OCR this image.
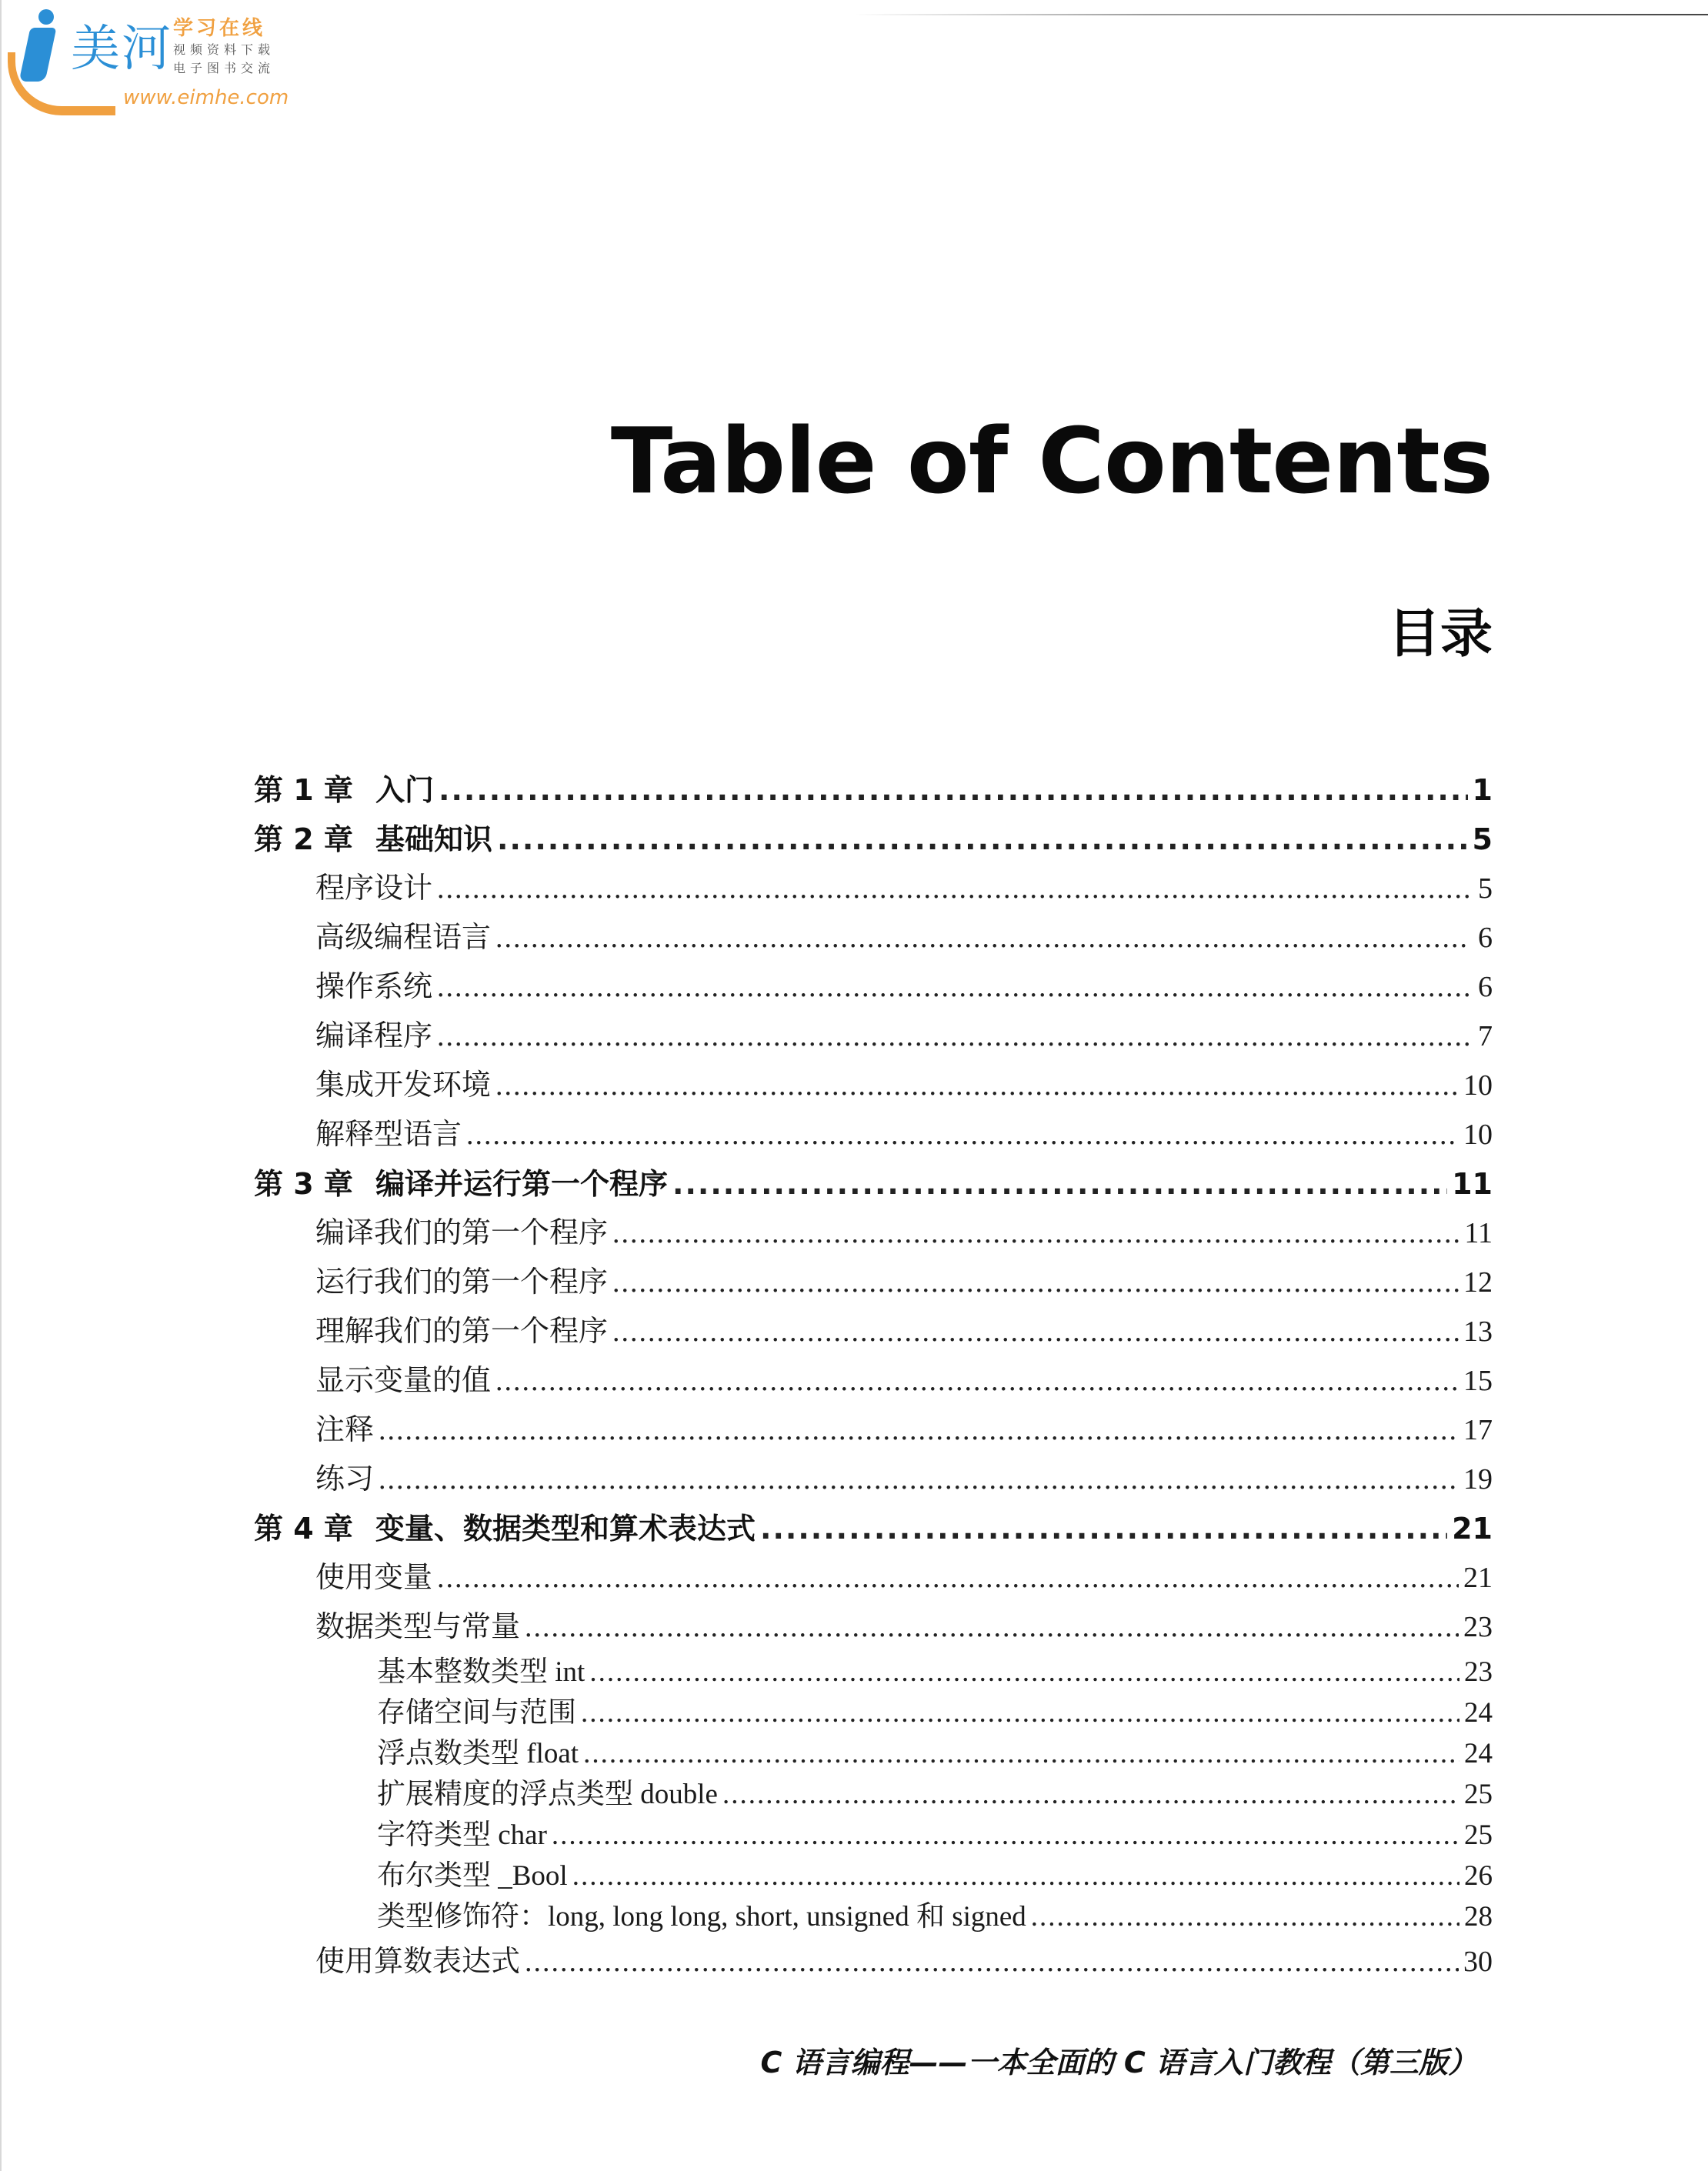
美河 学习在线
视频资料下载
电子图书交流
www.eimhe.com
Table of Contents
目录
第 1 章 入门 .....	1
第 2 章 基础知识 .....	5
程序设计 .....	5
高级编程语言 .....	6
操作系统 .....	6
编译程序 .....	7
集成开发环境 .....	10
解释型语言 .....	10
第 3 章 编译并运行第一个程序 .....	11
编译我们的第一个程序 .....	11
运行我们的第一个程序 .....	12
理解我们的第一个程序 .....	13
显示变量的值 .....	15
注释 .....	17
练习 .....	19
第 4 章 变量、数据类型和算术表达式 .....	21
使用变量 .....	21
数据类型与常量 .....	23
基本整数类型 int .....	23
存储空间与范围 .....	24
浮点数类型 float .....	24
扩展精度的浮点类型 double .....	25
字符类型 char .....	25
布尔类型 _Bool .....	26
类型修饰符：long, long long, short, unsigned 和 signed .....	28
使用算数表达式 .....	30
C 语言编程——一本全面的 C 语言入门教程（第三版）
